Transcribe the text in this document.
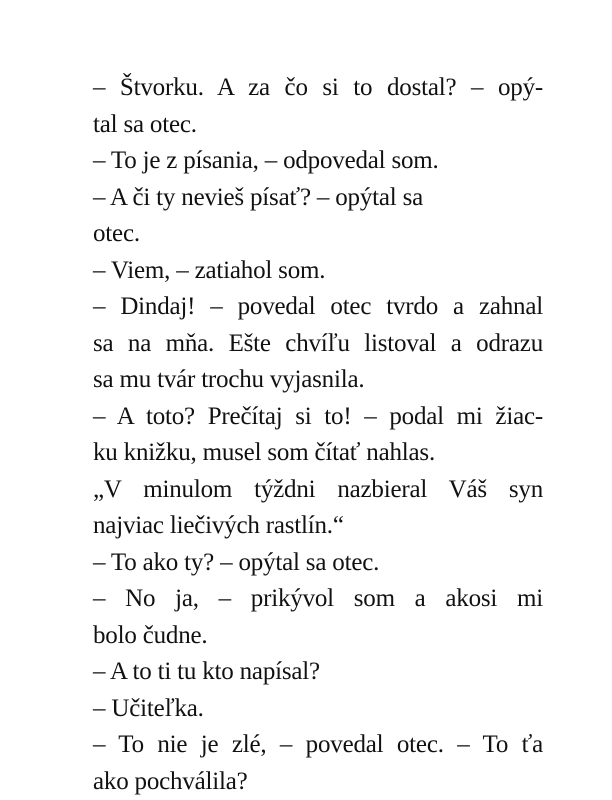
– Štvorku. A za čo si to dostal? – opý-
tal sa otec.
– To je z písania, – odpovedal som.
– A či ty nevieš písať? – opýtal sa
otec.
– Viem, – zatiahol som.
– Dindaj! – povedal otec tvrdo a zahnal
sa na mňa. Ešte chvíľu listoval a odrazu
sa mu tvár trochu vyjasnila.
– A toto? Prečítaj si to! – podal mi žiac-
ku knižku, musel som čítať nahlas.
„V minulom týždni nazbieral Váš syn
najviac liečivých rastlín.“
– To ako ty? – opýtal sa otec.
– No ja, – prikývol som a akosi mi
bolo čudne.
– A to ti tu kto napísal?
– Učiteľka.
– To nie je zlé, – povedal otec. – To ťa
ako pochválila?
